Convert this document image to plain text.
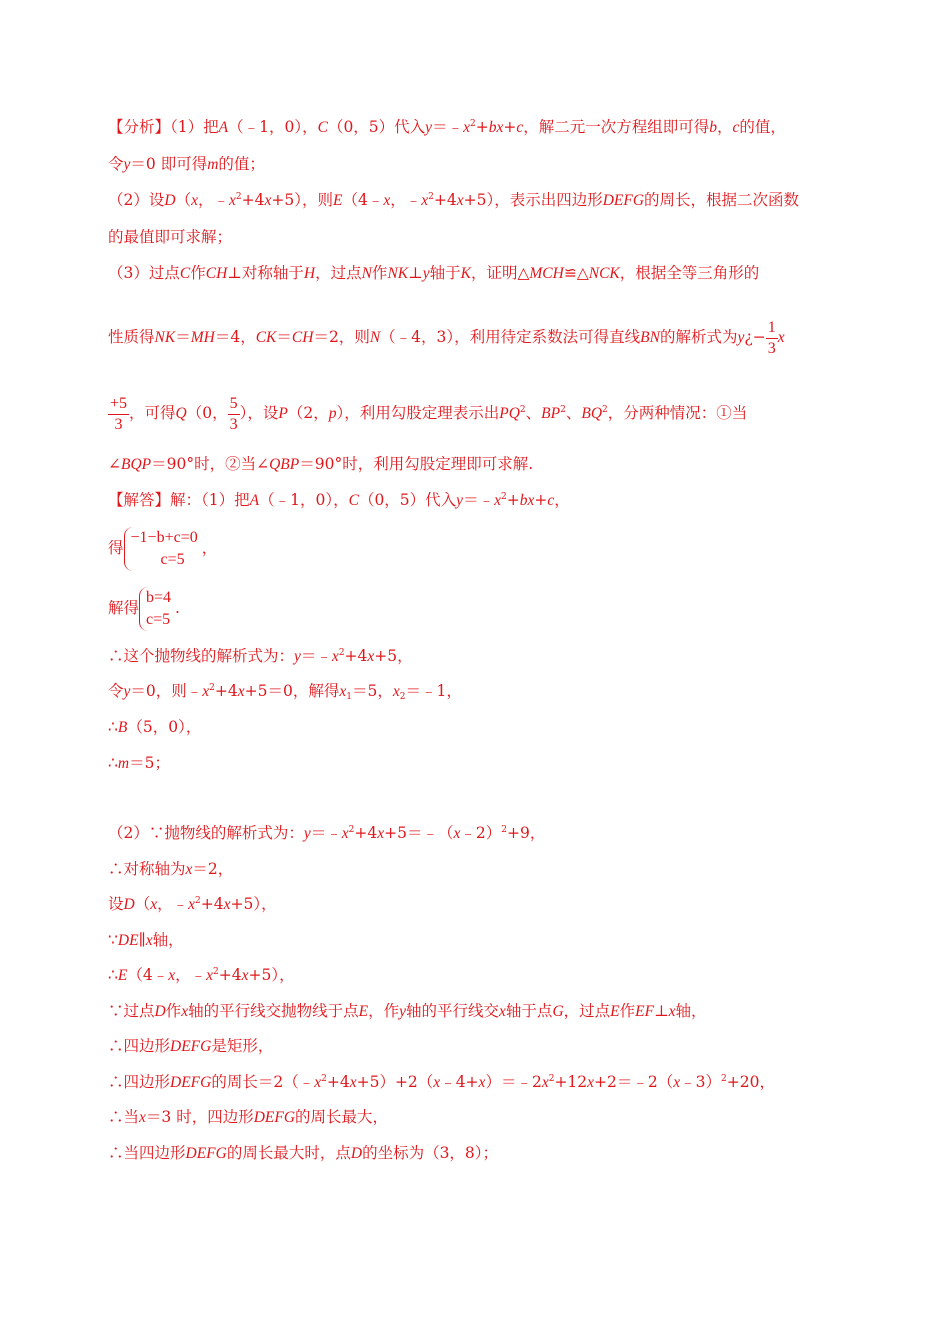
【分析】（1）把A（﹣1，0），C（0，5）代入$y=﹣x^2+bx+c$，解二元一次方程组即可得b，c的值，
令y＝0 即可得m的值；
（2）设D（x，$﹣x^2+4x+5$），则E（4﹣x，$﹣x^2+4x+5$），表示出四边形DEFG的周长，根据二次函数
的最值即可求解；
（3）过点C作CH⊥对称轴于H，过点N作NK⊥y轴于K，证明△MCH≌△NCK，根据全等三角形的
性质得NK＝MH＝4，CK＝CH＝2，则N（﹣4，3），利用待定系数法可得直线BN的解析式为y¿− $\frac{1}{3}$ x
$\frac{+5}{3}$ ，可得Q（0， $\frac{5}{3}$ ），设P（2，p），利用勾股定理表示出$PQ^2$、$BP^2$、$BQ^2$，分两种情况：①当
∠BQP＝90°时，②当∠QBP＝90°时，利用勾股定理即可求解.
【解答】解：（1）把A（﹣1，0），C（0，5）代入$y=﹣x^2+bx+c$，
得
−1−b+c=0
c=5
，
解得
b=4
c=5
.
∴这个抛物线的解析式为：$y=﹣x^2+4x+5$，
令y＝0，则$﹣x^2+4x+5=0$，解得$x_1=5$，$x_2=﹣1$，
∴B（5，0），
∴m＝5；
（2）∵抛物线的解析式为：$y=﹣x^2+4x+5=﹣(x﹣2)^2+9$，
∴对称轴为x＝2，
设D（x，$﹣x^2+4x+5$），
∵DE∥x轴，
∴E（4﹣x，$﹣x^2+4x+5$），
∵过点D作x轴的平行线交抛物线于点E，作y轴的平行线交x轴于点G，过点E作EF⊥x轴，
∴四边形DEFG是矩形，
∴四边形DEFG的周长$=2(﹣x^2+4x+5)+2(x﹣4+x)=﹣2x^2+12x+2=﹣2(x﹣3)^2+20$，
∴当x＝3 时，四边形DEFG的周长最大，
∴当四边形DEFG的周长最大时，点D的坐标为（3，8）；
